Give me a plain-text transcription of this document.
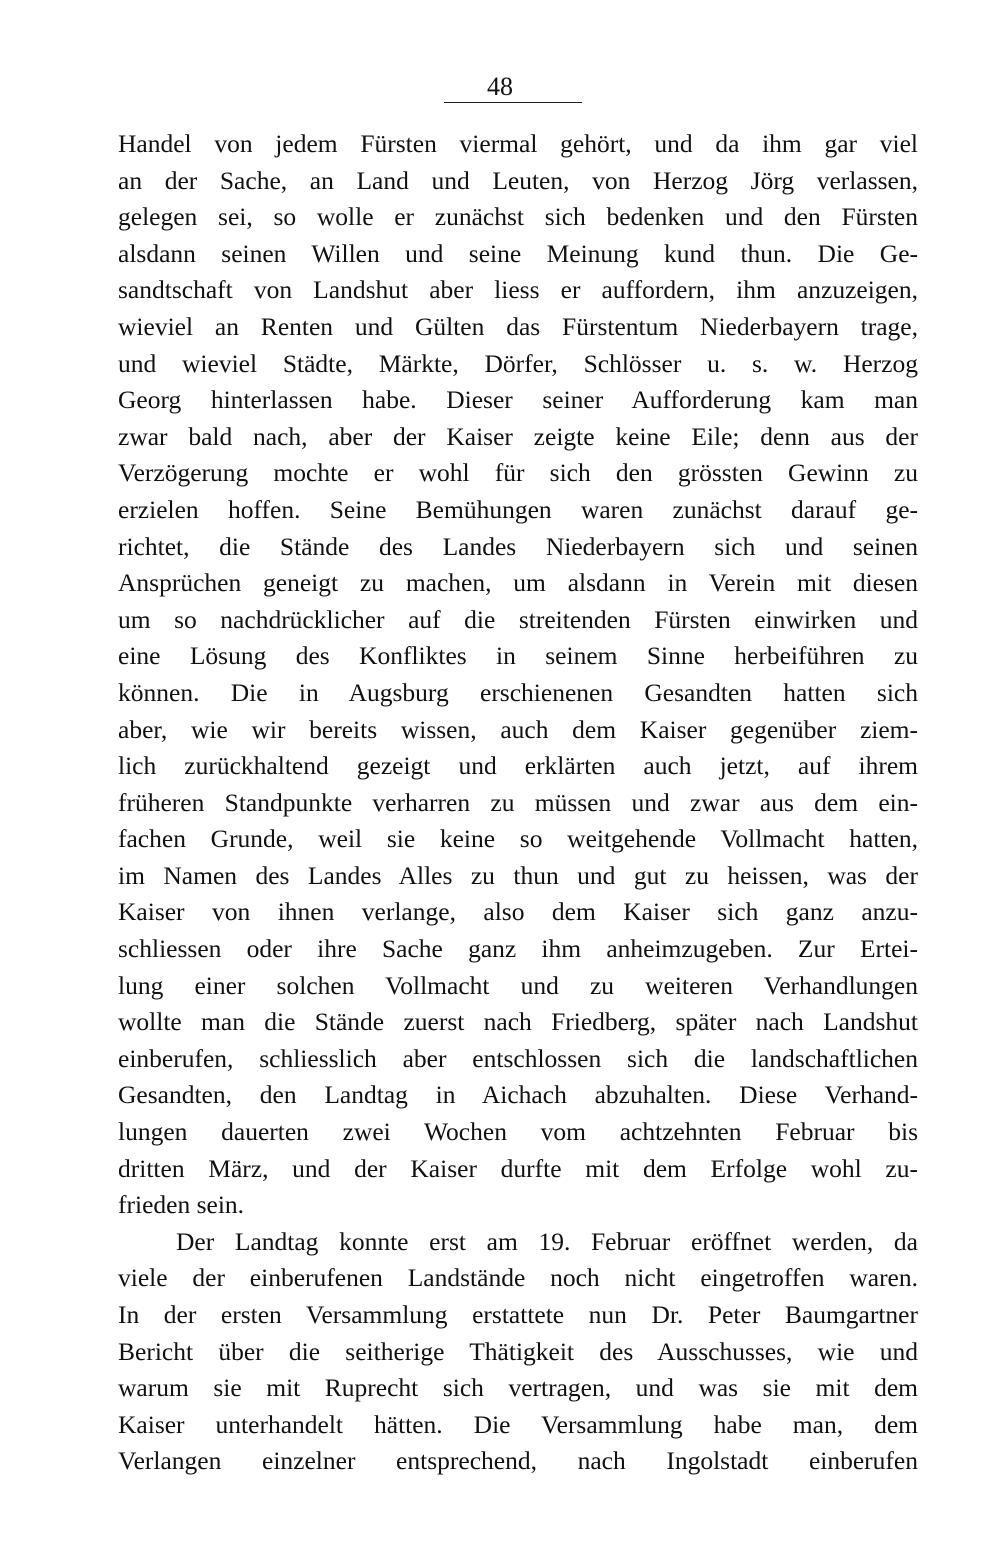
48
Handel von jedem Fürsten viermal gehört, und da ihm gar viel
an der Sache, an Land und Leuten, von Herzog Jörg verlassen,
gelegen sei, so wolle er zunächst sich bedenken und den Fürsten
alsdann seinen Willen und seine Meinung kund thun. Die Ge-
sandtschaft von Landshut aber liess er auffordern, ihm anzuzeigen,
wieviel an Renten und Gülten das Fürstentum Niederbayern trage,
und wieviel Städte, Märkte, Dörfer, Schlösser u. s. w. Herzog
Georg hinterlassen habe. Dieser seiner Aufforderung kam man
zwar bald nach, aber der Kaiser zeigte keine Eile; denn aus der
Verzögerung mochte er wohl für sich den grössten Gewinn zu
erzielen hoffen. Seine Bemühungen waren zunächst darauf ge-
richtet, die Stände des Landes Niederbayern sich und seinen
Ansprüchen geneigt zu machen, um alsdann in Verein mit diesen
um so nachdrücklicher auf die streitenden Fürsten einwirken und
eine Lösung des Konfliktes in seinem Sinne herbeiführen zu
können. Die in Augsburg erschienenen Gesandten hatten sich
aber, wie wir bereits wissen, auch dem Kaiser gegenüber ziem-
lich zurückhaltend gezeigt und erklärten auch jetzt, auf ihrem
früheren Standpunkte verharren zu müssen und zwar aus dem ein-
fachen Grunde, weil sie keine so weitgehende Vollmacht hatten,
im Namen des Landes Alles zu thun und gut zu heissen, was der
Kaiser von ihnen verlange, also dem Kaiser sich ganz anzu-
schliessen oder ihre Sache ganz ihm anheimzugeben. Zur Ertei-
lung einer solchen Vollmacht und zu weiteren Verhandlungen
wollte man die Stände zuerst nach Friedberg, später nach Landshut
einberufen, schliesslich aber entschlossen sich die landschaftlichen
Gesandten, den Landtag in Aichach abzuhalten. Diese Verhand-
lungen dauerten zwei Wochen vom achtzehnten Februar bis
dritten März, und der Kaiser durfte mit dem Erfolge wohl zu-
frieden sein.
Der Landtag konnte erst am 19. Februar eröffnet werden, da
viele der einberufenen Landstände noch nicht eingetroffen waren.
In der ersten Versammlung erstattete nun Dr. Peter Baumgartner
Bericht über die seitherige Thätigkeit des Ausschusses, wie und
warum sie mit Ruprecht sich vertragen, und was sie mit dem
Kaiser unterhandelt hätten. Die Versammlung habe man, dem
Verlangen einzelner entsprechend, nach Ingolstadt einberufen
